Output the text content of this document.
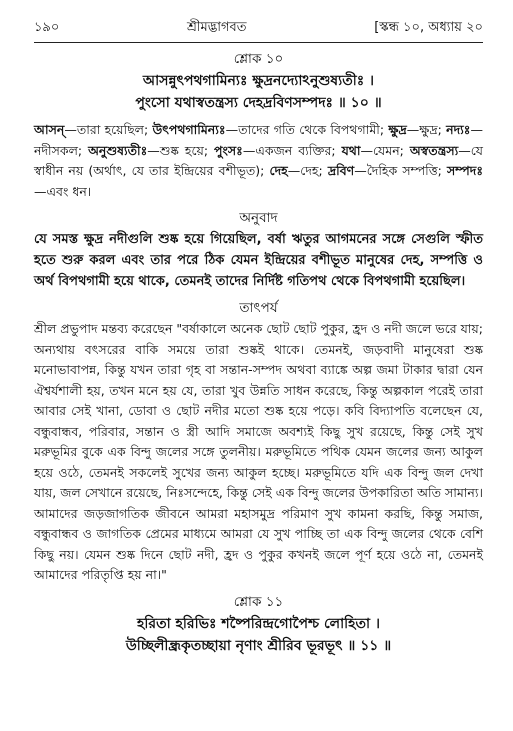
১৯০	শ্রীমদ্ভাগবত	[স্কন্ধ ১০, অধ্যায় ২০
শ্লোক ১০
আসন্নুৎপথগামিন্যঃ ক্ষুদ্রনদ্যোঽনুশুষ্যতীঃ ।
পুংসো যথাস্বতন্ত্রস্য দেহদ্রবিণসম্পদঃ ॥ ১০ ॥
আসন্—তারা হয়েছিল; উৎপথগামিন্যঃ—তাদের গতি থেকে বিপথগামী; ক্ষুদ্র—ক্ষুদ্র; নদ্যঃ—নদীসকল; অনুশুষ্যতীঃ—শুষ্ক হয়ে; পুংসঃ—একজন ব্যক্তির; যথা—যেমন; অস্বতন্ত্রস্য—যে স্বাধীন নয় (অর্থাৎ, যে তার ইন্দ্রিয়ের বশীভূত); দেহ—দেহ; দ্রবিণ—দৈহিক সম্পত্তি; সম্পদঃ—এবং ধন।
অনুবাদ
যে সমস্ত ক্ষুদ্র নদীগুলি শুষ্ক হয়ে গিয়েছিল, বর্ষা ঋতুর আগমনের সঙ্গে সেগুলি স্ফীত হতে শুরু করল এবং তার পরে ঠিক যেমন ইন্দ্রিয়ের বশীভূত মানুষের দেহ, সম্পত্তি ও অর্থ বিপথগামী হয়ে থাকে, তেমনই তাদের নির্দিষ্ট গতিপথ থেকে বিপথগামী হয়েছিল।
তাৎপর্য
শ্রীল প্রভুপাদ মন্তব্য করেছেন "বর্ষাকালে অনেক ছোট ছোট পুকুর, হ্রদ ও নদী জলে ভরে যায়; অন্যথায় বৎসরের বাকি সময়ে তারা শুষ্কই থাকে। তেমনই, জড়বাদী মানুষেরা শুষ্ক মনোভাবাপন্ন, কিন্তু যখন তারা গৃহ বা সন্তান-সম্পদ অথবা ব্যাঙ্কে অল্প জমা টাকার দ্বারা যেন ঐশ্বর্যশালী হয়, তখন মনে হয় যে, তারা খুব উন্নতি সাধন করেছে, কিন্তু অল্পকাল পরেই তারা আবার সেই খানা, ডোবা ও ছোট নদীর মতো শুষ্ক হয়ে পড়ে। কবি বিদ্যাপতি বলেছেন যে, বন্ধুবান্ধব, পরিবার, সন্তান ও স্ত্রী আদি সমাজে অবশ্যই কিছু সুখ রয়েছে, কিন্তু সেই সুখ মরুভূমির বুকে এক বিন্দু জলের সঙ্গে তুলনীয়। মরুভূমিতে পথিক যেমন জলের জন্য আকুল হয়ে ওঠে, তেমনই সকলেই সুখের জন্য আকুল হচ্ছে। মরুভূমিতে যদি এক বিন্দু জল দেখা যায়, জল সেখানে রয়েছে, নিঃসন্দেহে, কিন্তু সেই এক বিন্দু জলের উপকারিতা অতি সামান্য। আমাদের জড়জাগতিক জীবনে আমরা মহাসমুদ্র পরিমাণ সুখ কামনা করছি, কিন্তু সমাজ, বন্ধুবান্ধব ও জাগতিক প্রেমের মাধ্যমে আমরা যে সুখ পাচ্ছি তা এক বিন্দু জলের থেকে বেশি কিছু নয়। যেমন শুষ্ক দিনে ছোট নদী, হ্রদ ও পুকুর কখনই জলে পূর্ণ হয়ে ওঠে না, তেমনই আমাদের পরিতৃপ্তি হয় না।"
শ্লোক ১১
হরিতা হরিভিঃ শষ্পৈরিন্দ্রগোপৈশ্চ লোহিতা ।
উচ্ছিলীন্ধ্রকৃতচ্ছায়া নৃণাং শ্রীরিব ভূরভূৎ ॥ ১১ ॥
